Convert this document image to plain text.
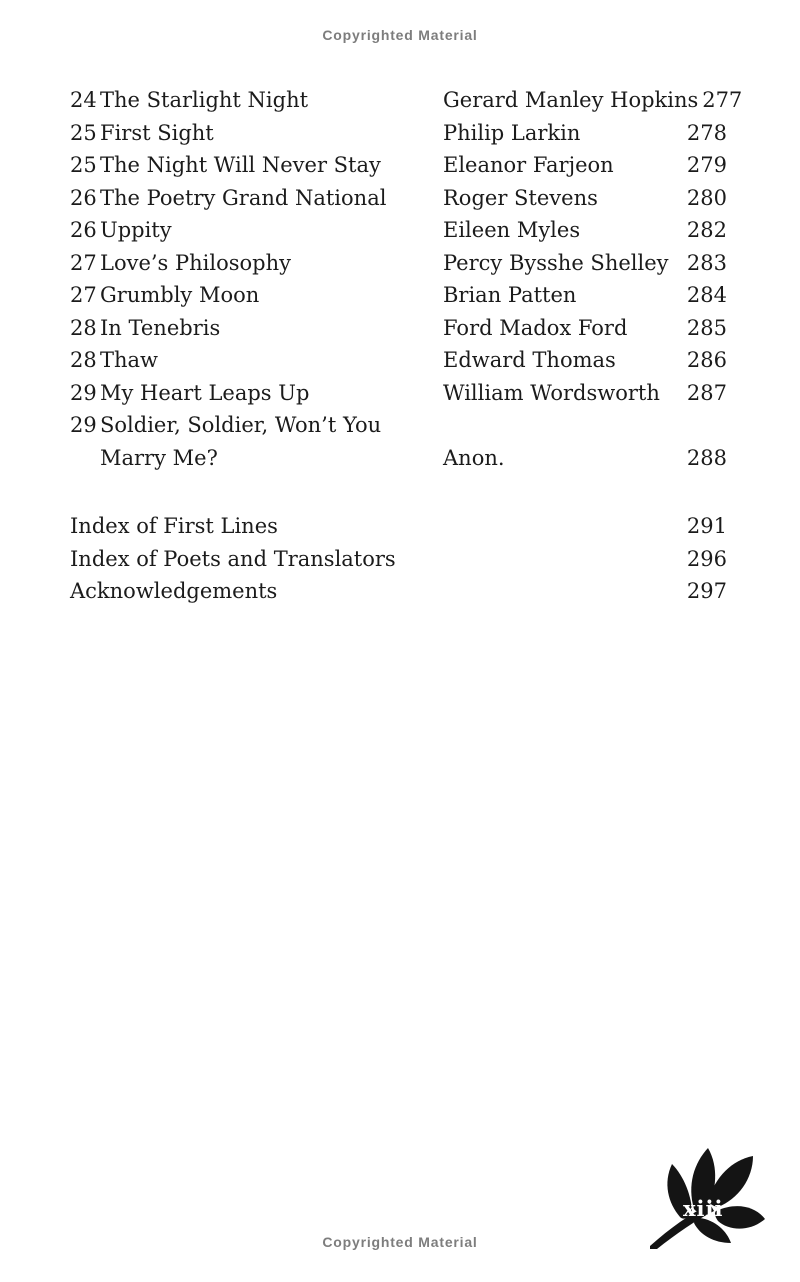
Copyrighted Material
24 The Starlight Night	Gerard Manley Hopkins 277
25 First Sight	Philip Larkin	278
25 The Night Will Never Stay	Eleanor Farjeon	279
26 The Poetry Grand National	Roger Stevens	280
26 Uppity	Eileen Myles	282
27 Love’s Philosophy	Percy Bysshe Shelley 283
27 Grumbly Moon	Brian Patten	284
28 In Tenebris	Ford Madox Ford	285
28 Thaw	Edward Thomas	286
29 My Heart Leaps Up	William Wordsworth	287
29 Soldier, Soldier, Won’t You
Marry Me?	Anon.	288
Index of First Lines	291
Index of Poets and Translators	296
Acknowledgements	297
xiii
Copyrighted Material
